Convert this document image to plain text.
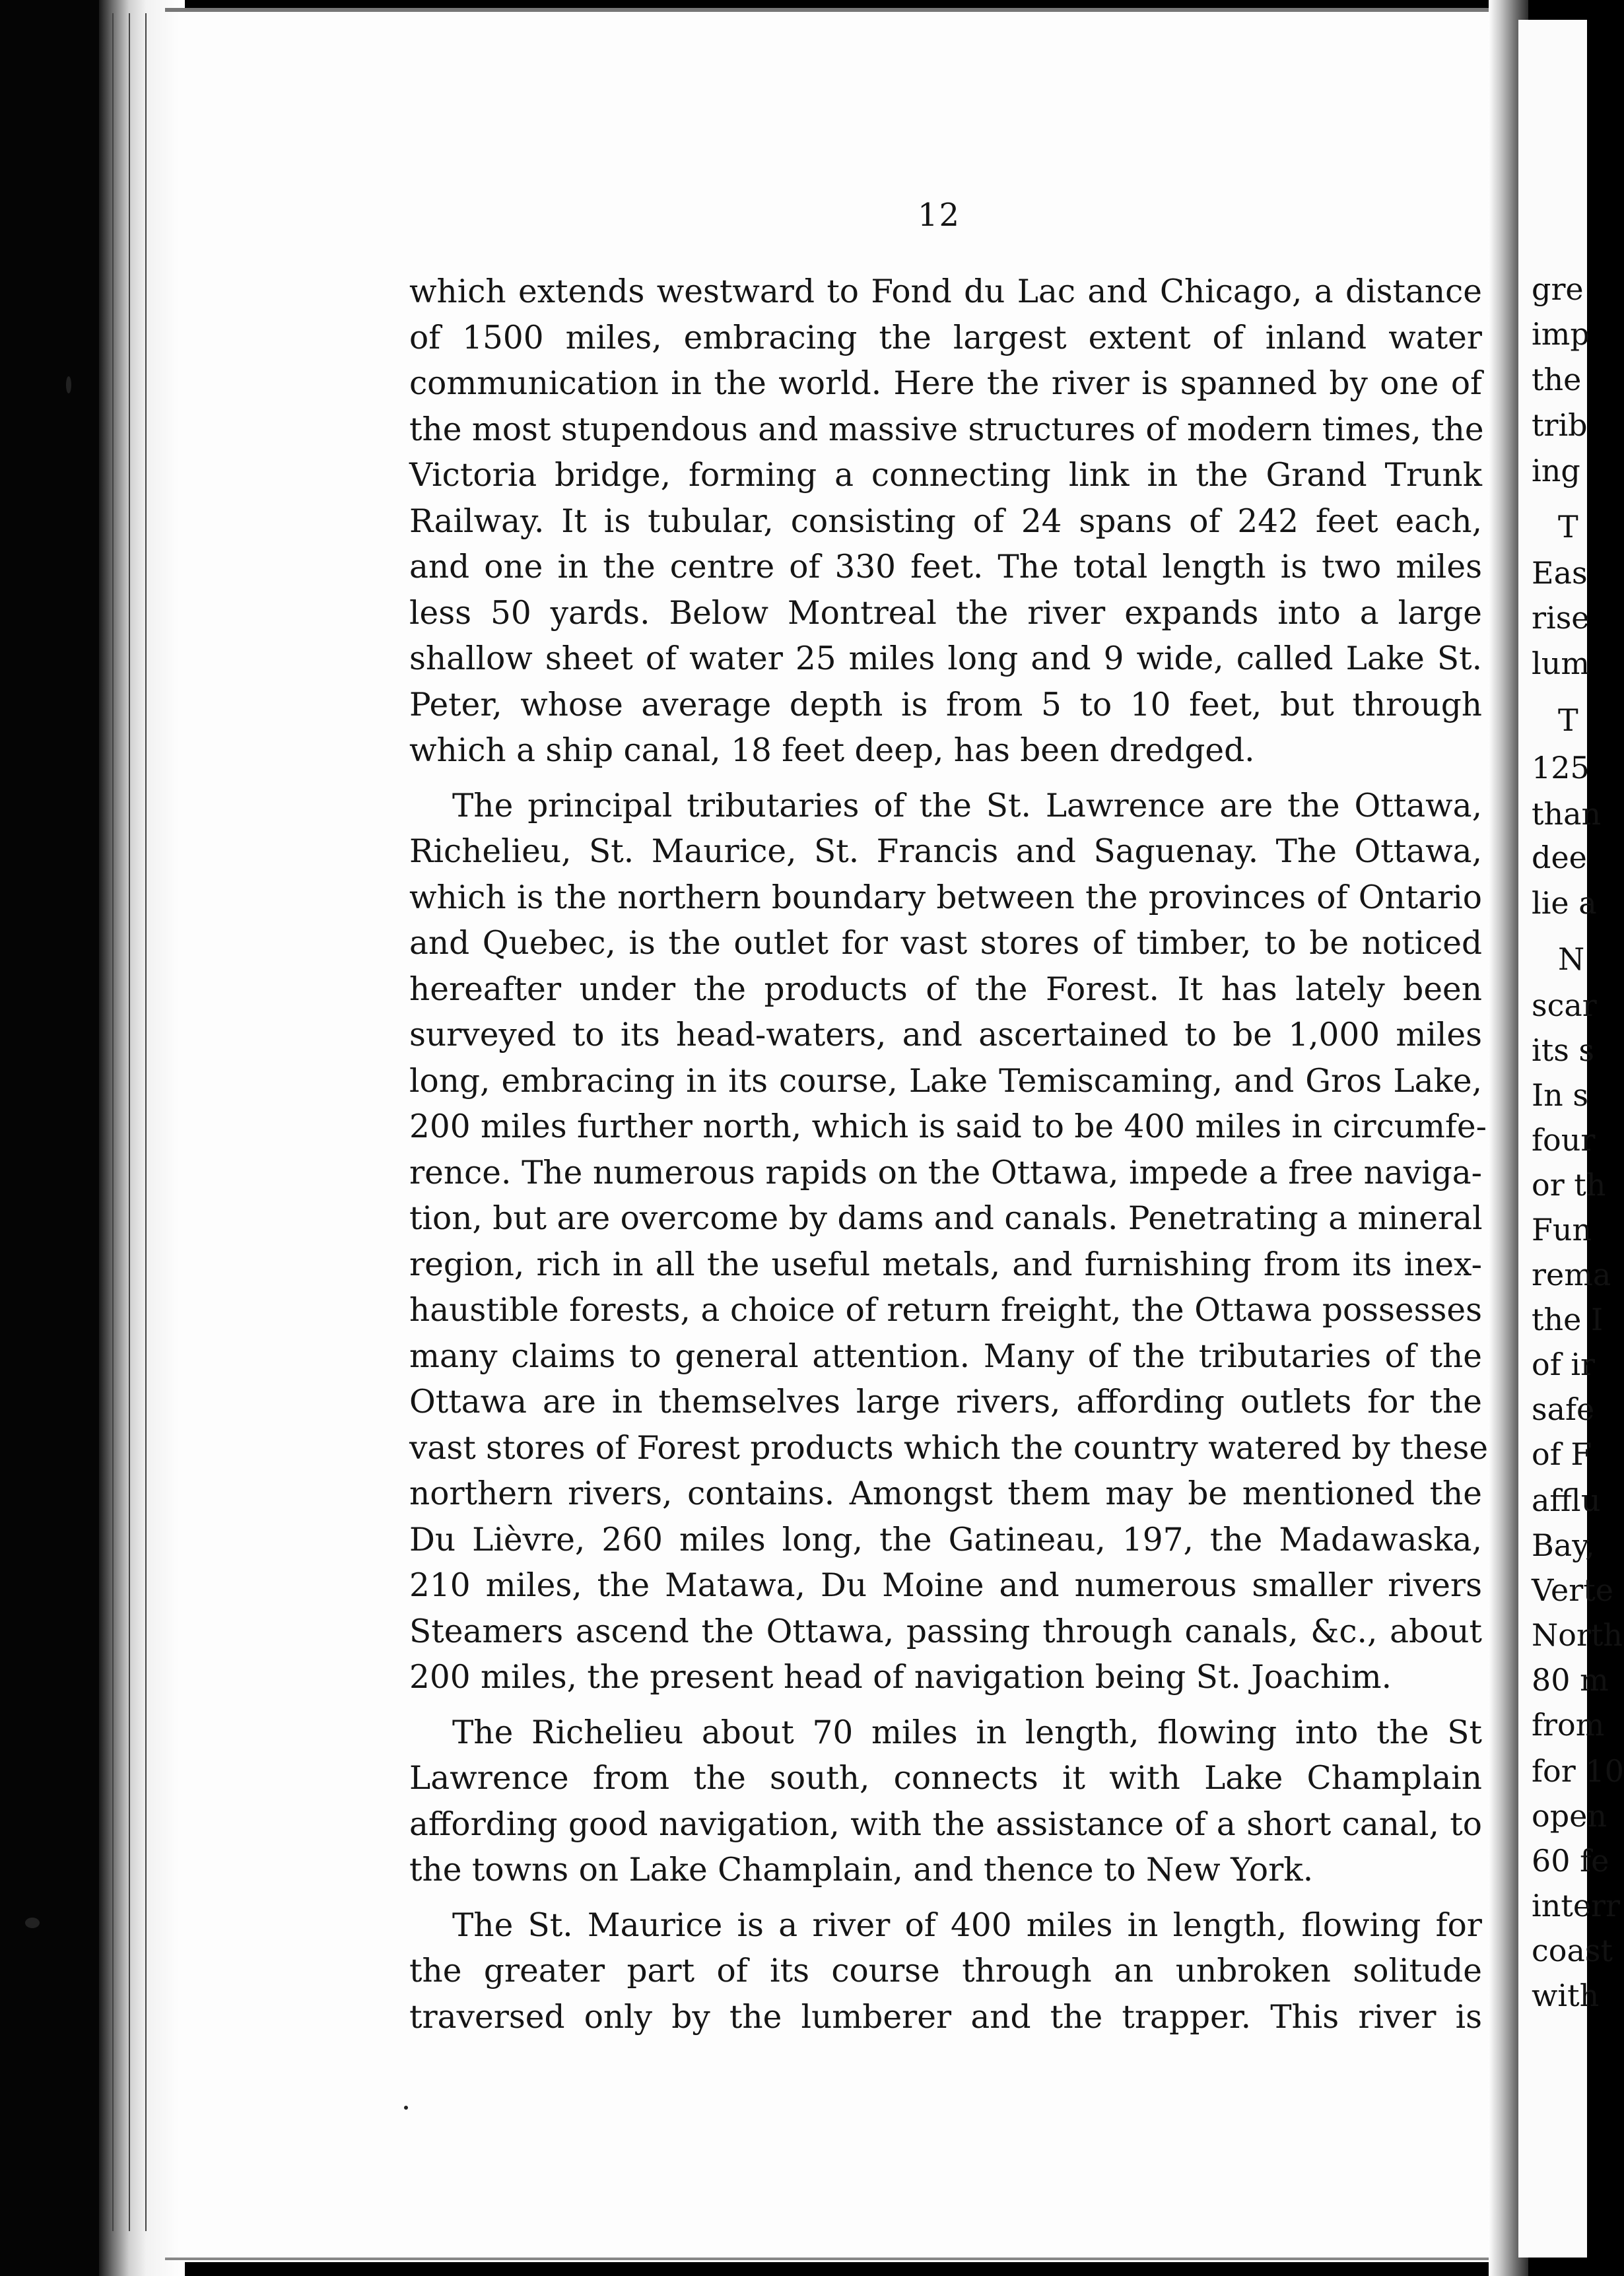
12
which extends westward to Fond du Lac and Chicago, a distance
of 1500 miles, embracing the largest extent of inland water
communication in the world. Here the river is spanned by one of
the most stupendous and massive structures of modern times, the
Victoria bridge, forming a connecting link in the Grand Trunk
Railway. It is tubular, consisting of 24 spans of 242 feet each,
and one in the centre of 330 feet. The total length is two miles
less 50 yards. Below Montreal the river expands into a large
shallow sheet of water 25 miles long and 9 wide, called Lake St.
Peter, whose average depth is from 5 to 10 feet, but through
which a ship canal, 18 feet deep, has been dredged.
The principal tributaries of the St. Lawrence are the Ottawa,
Richelieu, St. Maurice, St. Francis and Saguenay. The Ottawa,
which is the northern boundary between the provinces of Ontario
and Quebec, is the outlet for vast stores of timber, to be noticed
hereafter under the products of the Forest. It has lately been
surveyed to its head-waters, and ascertained to be 1,000 miles
long, embracing in its course, Lake Temiscaming, and Gros Lake,
200 miles further north, which is said to be 400 miles in circumfe-
rence. The numerous rapids on the Ottawa, impede a free naviga-
tion, but are overcome by dams and canals. Penetrating a mineral
region, rich in all the useful metals, and furnishing from its inex-
haustible forests, a choice of return freight, the Ottawa possesses
many claims to general attention. Many of the tributaries of the
Ottawa are in themselves large rivers, affording outlets for the
vast stores of Forest products which the country watered by these
northern rivers, contains. Amongst them may be mentioned the
Du Lièvre, 260 miles long, the Gatineau, 197, the Madawaska,
210 miles, the Matawa, Du Moine and numerous smaller rivers
Steamers ascend the Ottawa, passing through canals, &c., about
200 miles, the present head of navigation being St. Joachim.
The Richelieu about 70 miles in length, flowing into the St
Lawrence from the south, connects it with Lake Champlain
affording good navigation, with the assistance of a short canal, to
the towns on Lake Champlain, and thence to New York.
The St. Maurice is a river of 400 miles in length, flowing for
the greater part of its course through an unbroken solitude
traversed only by the lumberer and the trapper. This river is
gre
imp
the
trib
ing
T
Eas
rise
lum
T
125
than
dee
lie a
N
scar
its s
In s
four
or th
Fun
rema
the I
of ir
safe
of F
afflu
Bay,
Verte
North
80 m
from
for 10
open
60 fe
interr
coast
with
